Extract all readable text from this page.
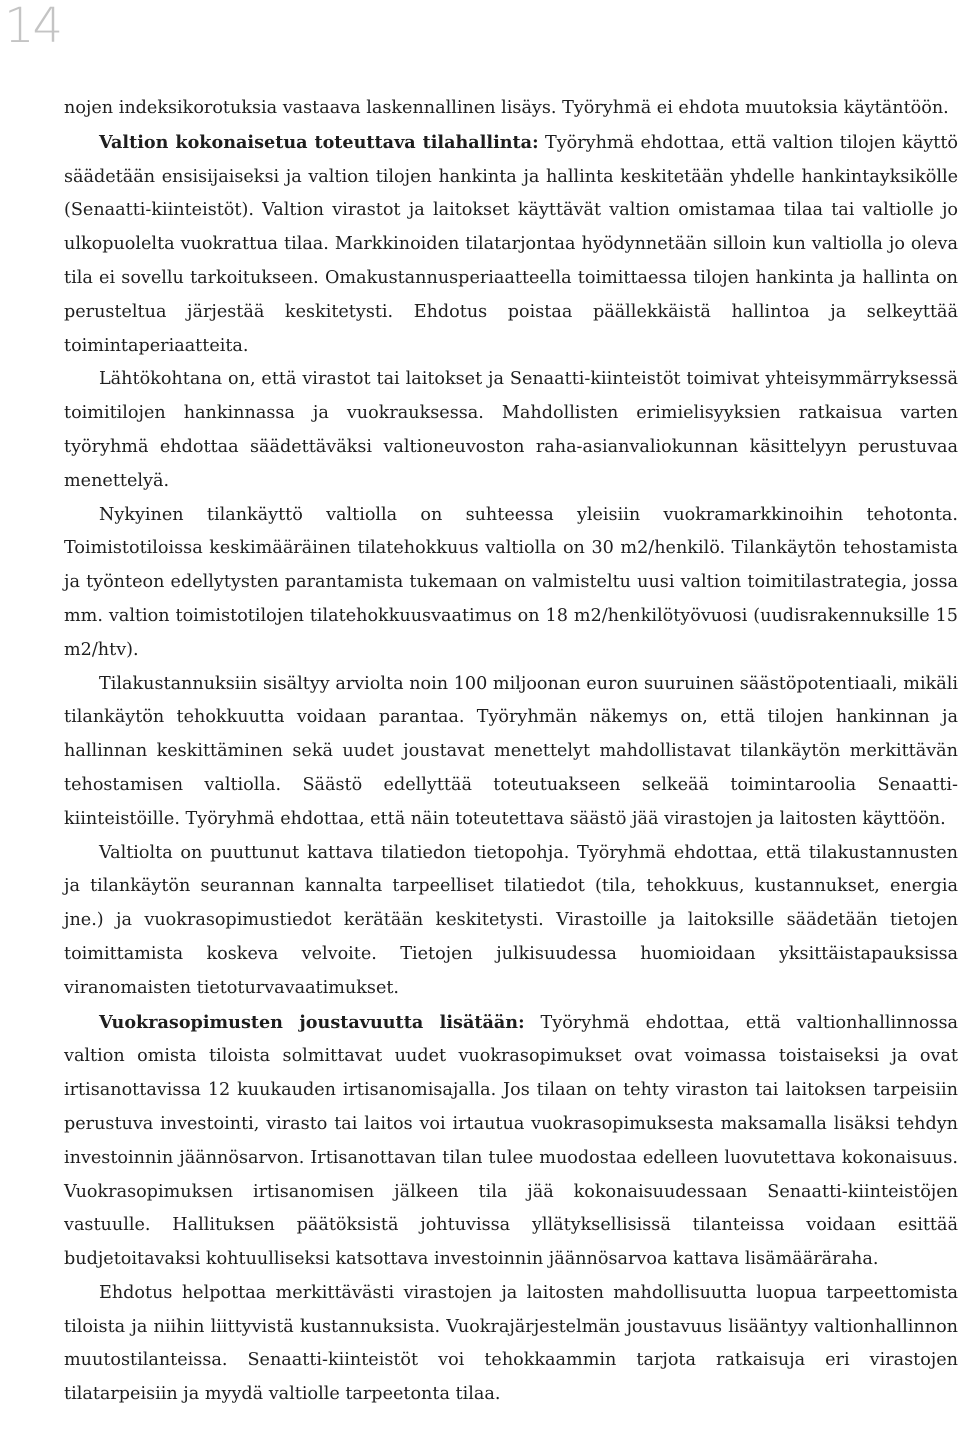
14

nojen indeksikorotuksia vastaava laskennallinen lisäys. Työryhmä ei ehdota muutoksia käytäntöön.

Valtion kokonaisetua toteuttava tilahallinta: Työryhmä ehdottaa, että valtion tilojen käyttö säädetään ensisijaiseksi ja valtion tilojen hankinta ja hallinta keskitetään yhdelle hankintayksikölle (Senaatti-kiinteistöt). Valtion virastot ja laitokset käyttävät valtion omistamaa tilaa tai valtiolle jo ulkopuolelta vuokrattua tilaa. Markkinoiden tilatarjontaa hyödynnetään silloin kun valtiolla jo oleva tila ei sovellu tarkoitukseen. Omakustannusperiaatteella toimittaessa tilojen hankinta ja hallinta on perusteltua järjestää keskitetysti. Ehdotus poistaa päällekkäistä hallintoa ja selkeyttää toimintaperiaatteita.

Lähtökohtana on, että virastot tai laitokset ja Senaatti-kiinteistöt toimivat yhteisymmärryksessä toimitilojen hankinnassa ja vuokrauksessa. Mahdollisten erimielisyyksien ratkaisua varten työryhmä ehdottaa säädettäväksi valtioneuvoston raha-asianvaliokunnan käsittelyyn perustuvaa menettelyä.

Nykyinen tilankäyttö valtiolla on suhteessa yleisiin vuokramarkkinoihin tehotonta. Toimistotiloissa keskimääräinen tilatehokkuus valtiolla on 30 m2/henkilö. Tilankäytön tehostamista ja työnteon edellytysten parantamista tukemaan on valmisteltu uusi valtion toimitilastrategia, jossa mm. valtion toimistotilojen tilatehokkuusvaatimus on 18 m2/henkilötyövuosi (uudisrakennuksille 15 m2/htv).

Tilakustannuksiin sisältyy arviolta noin 100 miljoonan euron suuruinen säästöpotentiaali, mikäli tilankäytön tehokkuutta voidaan parantaa. Työryhmän näkemys on, että tilojen hankinnan ja hallinnan keskittäminen sekä uudet joustavat menettelyt mahdollistavat tilankäytön merkittävän tehostamisen valtiolla. Säästö edellyttää toteutuakseen selkeää toimintaroolia Senaatti-kiinteistöille. Työryhmä ehdottaa, että näin toteutettava säästö jää virastojen ja laitosten käyttöön.

Valtiolta on puuttunut kattava tilatiedon tietopohja. Työryhmä ehdottaa, että tilakustannusten ja tilankäytön seurannan kannalta tarpeelliset tilatiedot (tila, tehokkuus, kustannukset, energia jne.) ja vuokrasopimustiedot kerätään keskitetysti. Virastoille ja laitoksille säädetään tietojen toimittamista koskeva velvoite. Tietojen julkisuudessa huomioidaan yksittäistapauksissa viranomaisten tietoturvavaatimukset.

Vuokrasopimusten joustavuutta lisätään: Työryhmä ehdottaa, että valtionhallinnossa valtion omista tiloista solmittavat uudet vuokrasopimukset ovat voimassa toistaiseksi ja ovat irtisanottavissa 12 kuukauden irtisanomisajalla. Jos tilaan on tehty viraston tai laitoksen tarpeisiin perustuva investointi, virasto tai laitos voi irtautua vuokrasopimuksesta maksamalla lisäksi tehdyn investoinnin jäännösarvon. Irtisanottavan tilan tulee muodostaa edelleen luovutettava kokonaisuus. Vuokrasopimuksen irtisanomisen jälkeen tila jää kokonaisuudessaan Senaatti-kiinteistöjen vastuulle. Hallituksen päätöksistä johtuvissa yllätyksellisissä tilanteissa voidaan esittää budjetoitavaksi kohtuulliseksi katsottava investoinnin jäännösarvoa kattava lisämääräraha.

Ehdotus helpottaa merkittävästi virastojen ja laitosten mahdollisuutta luopua tarpeettomista tiloista ja niihin liittyvistä kustannuksista. Vuokrajärjestelmän joustavuus lisääntyy valtionhallinnon muutostilanteissa. Senaatti-kiinteistöt voi tehokkaammin tarjota ratkaisuja eri virastojen tilatarpeisiin ja myydä valtiolle tarpeetonta tilaa.
